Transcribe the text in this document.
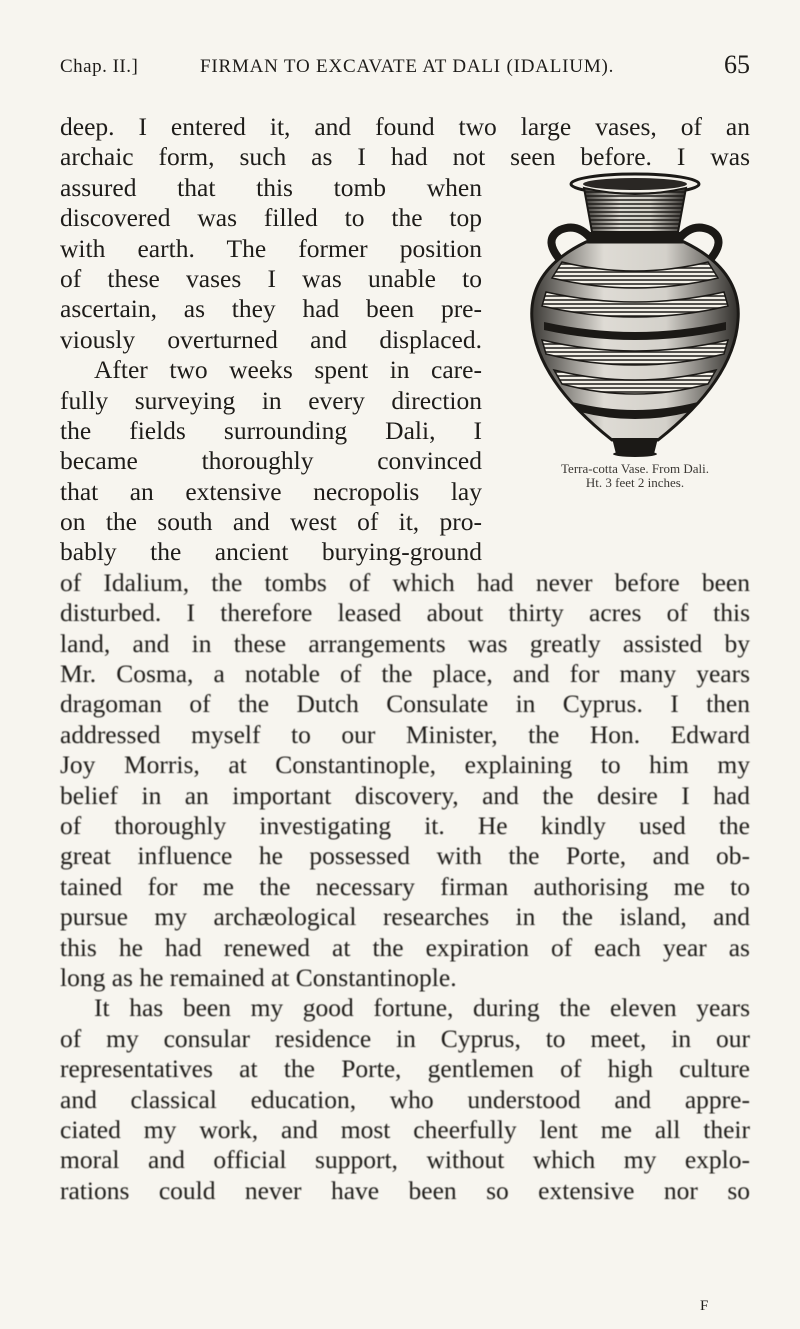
Chap. II.]	FIRMAN TO EXCAVATE AT DALI (IDALIUM).	65
deep. I entered it, and found two large vases, of an
archaic form, such as I had not seen before. I was
assured that this tomb when
discovered was filled to the top
with earth. The former position
of these vases I was unable to
ascertain, as they had been pre-
viously overturned and displaced.
After two weeks spent in care-
fully surveying in every direction
the fields surrounding Dali, I
became thoroughly convinced
that an extensive necropolis lay
on the south and west of it, pro-
bably the ancient burying-ground
of Idalium, the tombs of which had never before been
disturbed. I therefore leased about thirty acres of this
land, and in these arrangements was greatly assisted by
Mr. Cosma, a notable of the place, and for many years
dragoman of the Dutch Consulate in Cyprus. I then
addressed myself to our Minister, the Hon. Edward
Joy Morris, at Constantinople, explaining to him my
belief in an important discovery, and the desire I had
of thoroughly investigating it. He kindly used the
great influence he possessed with the Porte, and ob-
tained for me the necessary firman authorising me to
pursue my archæological researches in the island, and
this he had renewed at the expiration of each year as
long as he remained at Constantinople.
It has been my good fortune, during the eleven years
of my consular residence in Cyprus, to meet, in our
representatives at the Porte, gentlemen of high culture
and classical education, who understood and appre-
ciated my work, and most cheerfully lent me all their
moral and official support, without which my explo-
rations could never have been so extensive nor so
Terra-cotta Vase. From Dali.
Ht. 3 feet 2 inches.
F
